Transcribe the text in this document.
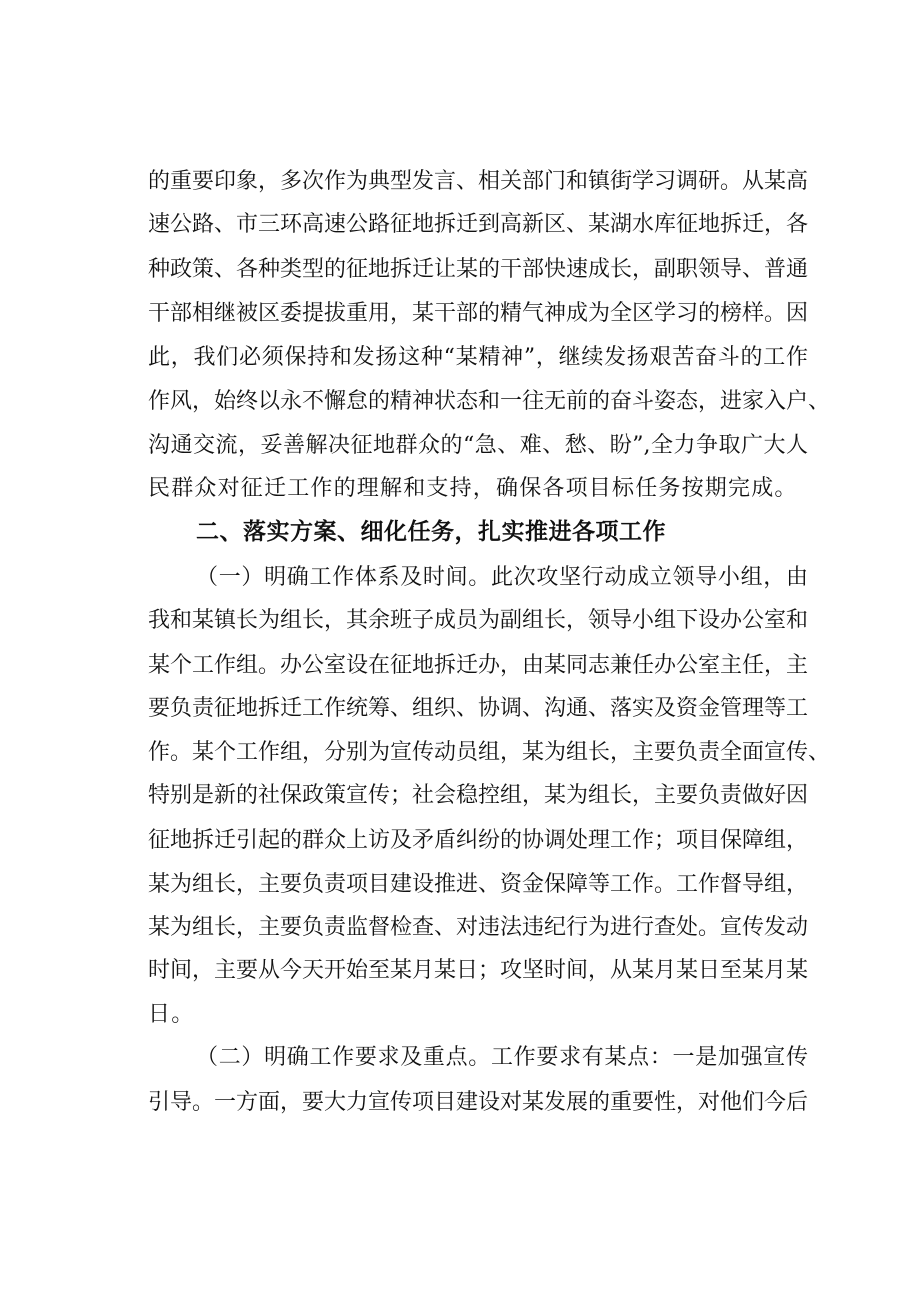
的重要印象，多次作为典型发言、相关部门和镇街学习调研。从某高
速公路、市三环高速公路征地拆迁到高新区、某湖水库征地拆迁，各
种政策、各种类型的征地拆迁让某的干部快速成长，副职领导、普通
干部相继被区委提拔重用，某干部的精气神成为全区学习的榜样。因
此，我们必须保持和发扬这种“某精神”，继续发扬艰苦奋斗的工作
作风，始终以永不懈怠的精神状态和一往无前的奋斗姿态，进家入户、
沟通交流，妥善解决征地群众的“急、难、愁、盼”,全力争取广大人
民群众对征迁工作的理解和支持，确保各项目标任务按期完成。
二、落实方案、细化任务，扎实推进各项工作
（一）明确工作体系及时间。此次攻坚行动成立领导小组，由
我和某镇长为组长，其余班子成员为副组长，领导小组下设办公室和
某个工作组。办公室设在征地拆迁办，由某同志兼任办公室主任，主
要负责征地拆迁工作统筹、组织、协调、沟通、落实及资金管理等工
作。某个工作组，分别为宣传动员组，某为组长，主要负责全面宣传、
特别是新的社保政策宣传；社会稳控组，某为组长，主要负责做好因
征地拆迁引起的群众上访及矛盾纠纷的协调处理工作；项目保障组，
某为组长，主要负责项目建设推进、资金保障等工作。工作督导组，
某为组长，主要负责监督检查、对违法违纪行为进行查处。宣传发动
时间，主要从今天开始至某月某日；攻坚时间，从某月某日至某月某
日。
（二）明确工作要求及重点。工作要求有某点：一是加强宣传
引导。一方面，要大力宣传项目建设对某发展的重要性，对他们今后
